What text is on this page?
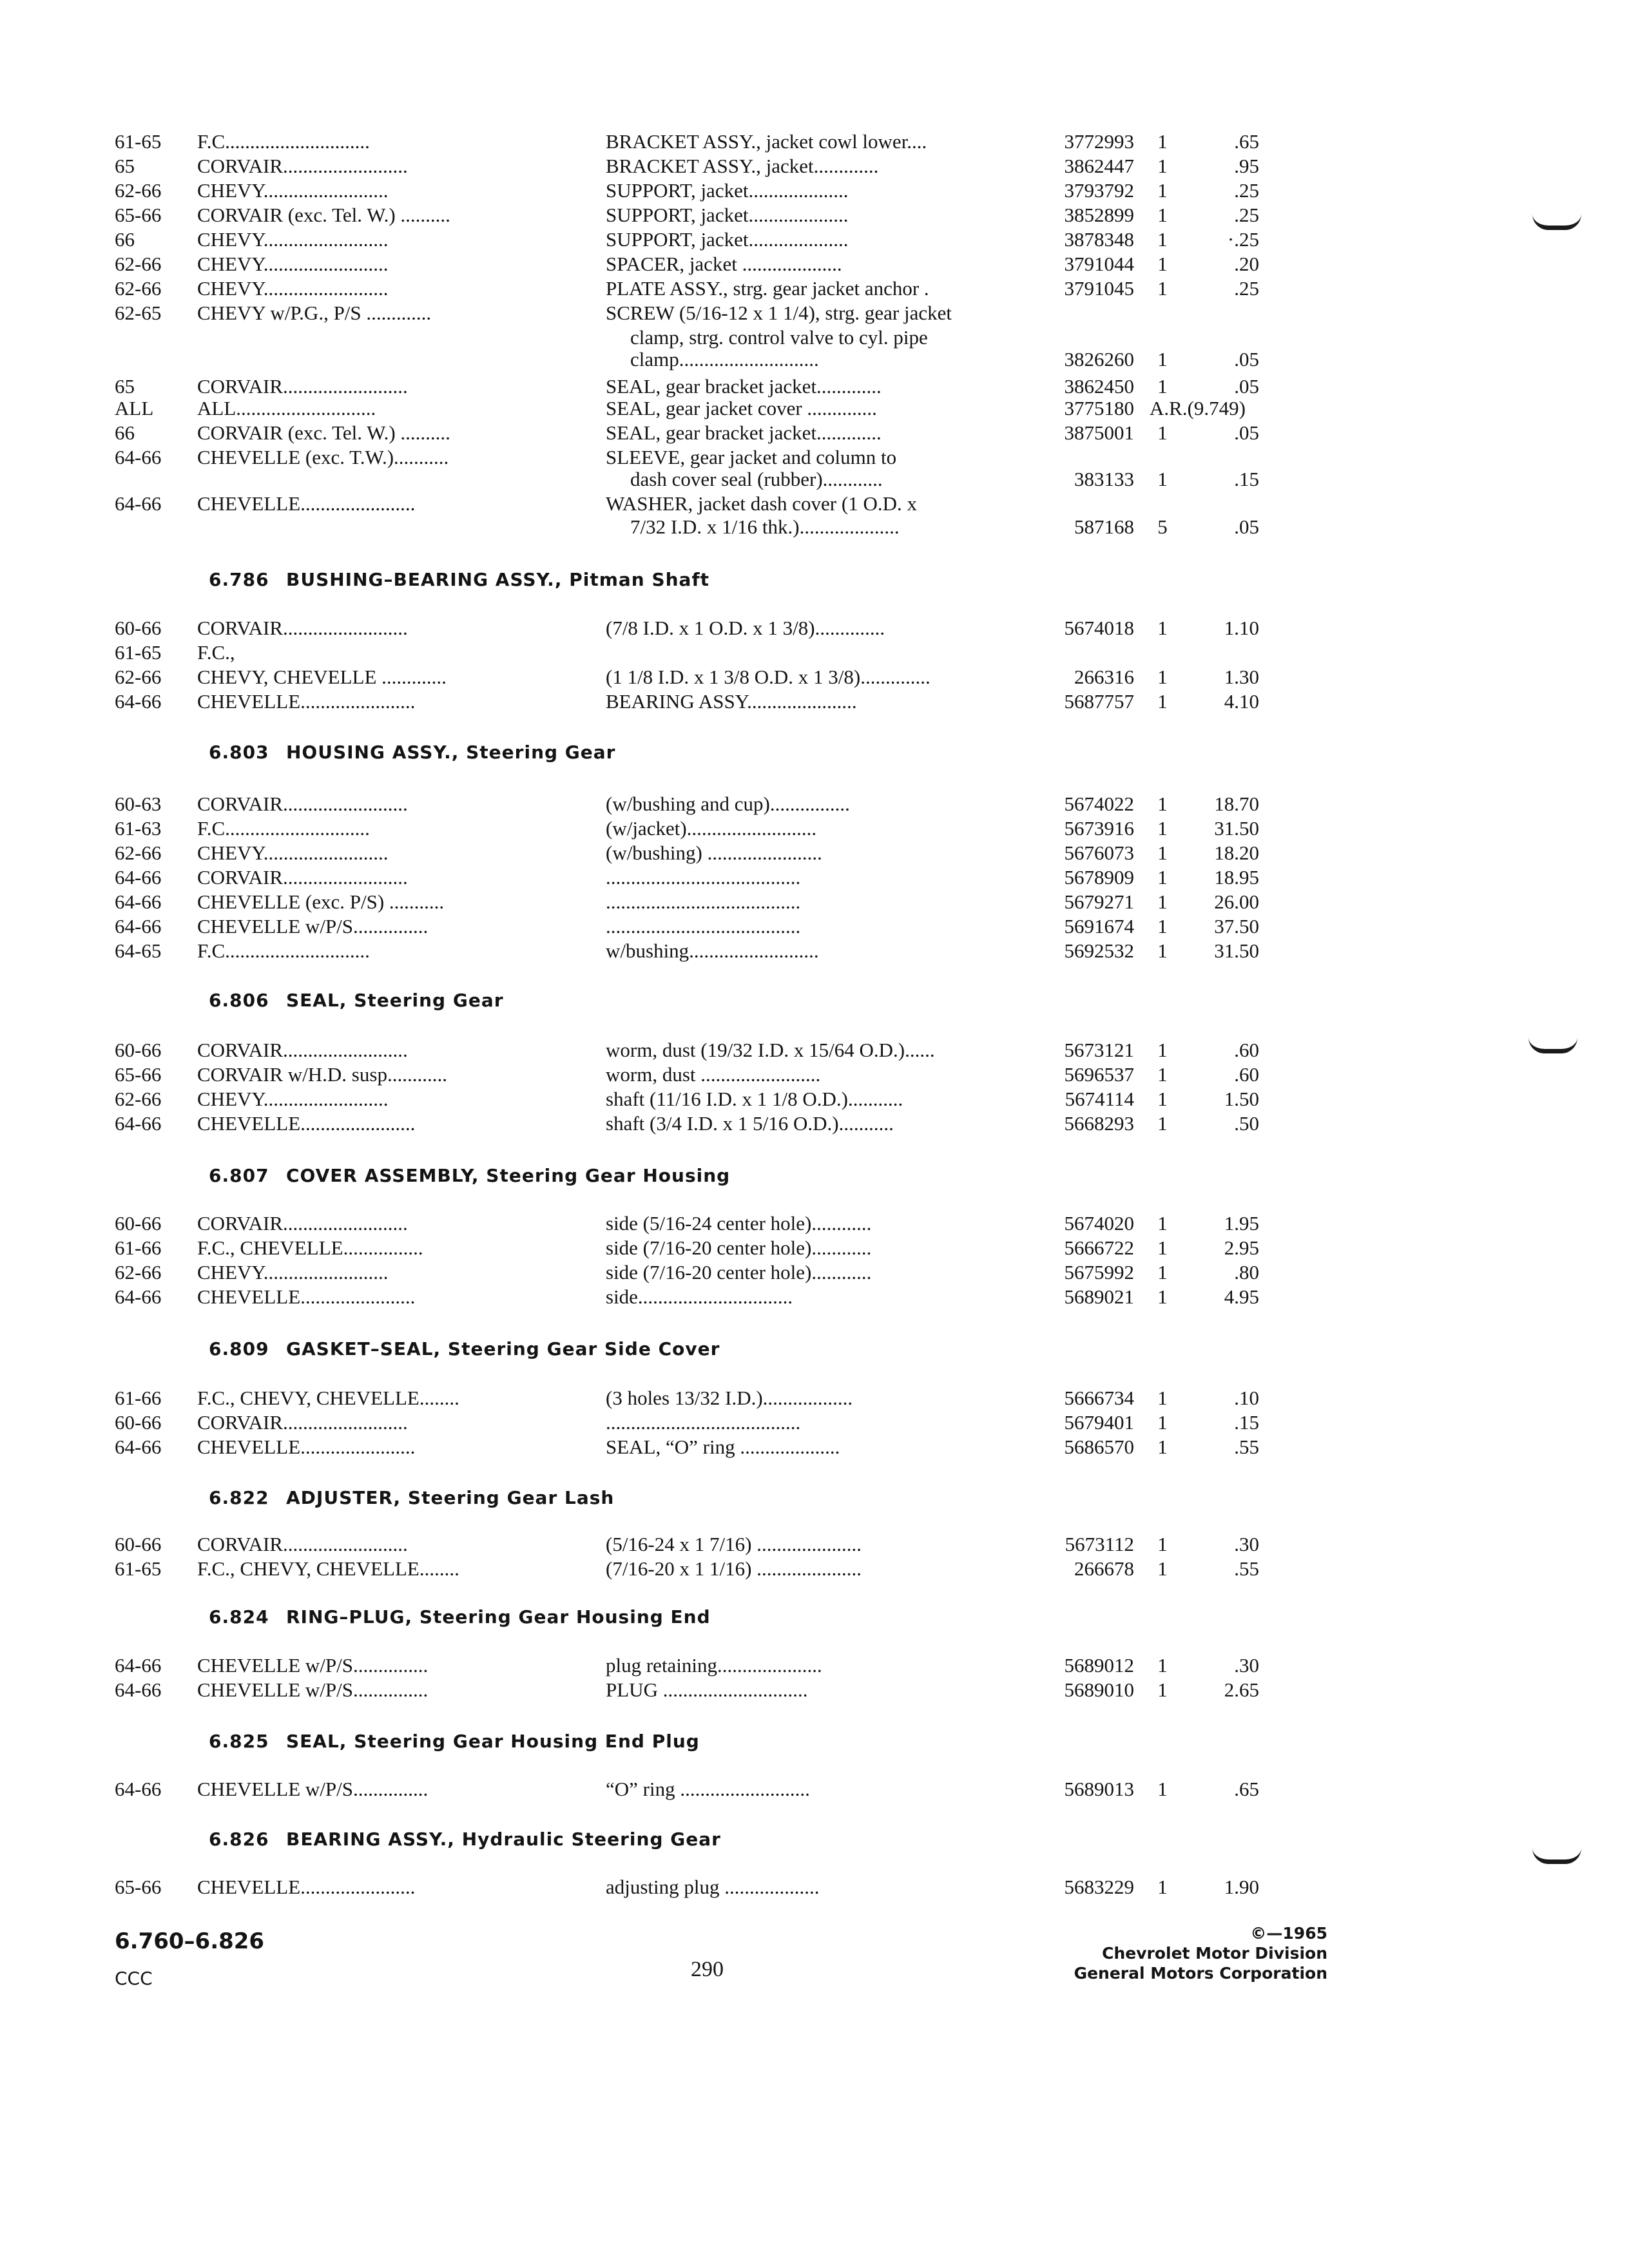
61-65	F.C.............................	BRACKET ASSY., jacket cowl lower....	3772993	1	.65
65	CORVAIR.........................	BRACKET ASSY., jacket.............	3862447	1	.95
62-66	CHEVY.........................	SUPPORT, jacket....................	3793792	1	.25
65-66	CORVAIR (exc. Tel. W.) ..........	SUPPORT, jacket....................	3852899	1	.25
66	CHEVY.........................	SUPPORT, jacket....................	3878348	1	·.25
62-66	CHEVY.........................	SPACER, jacket ....................	3791044	1	.20
62-66	CHEVY.........................	PLATE ASSY., strg. gear jacket anchor .	3791045	1	.25
62-65	CHEVY w/P.G., P/S .............	SCREW (5/16-12 x 1 1/4), strg. gear jacket
clamp, strg. control valve to cyl. pipe
clamp............................	3826260	1	.05
65	CORVAIR.........................	SEAL, gear bracket jacket.............	3862450	1	.05
ALL	ALL............................	SEAL, gear jacket cover ..............	3775180 A.R.(9.749)
66	CORVAIR (exc. Tel. W.) ..........	SEAL, gear bracket jacket.............	3875001	1	.05
64-66	CHEVELLE (exc. T.W.)...........	SLEEVE, gear jacket and column to
dash cover seal (rubber)............	383133	1	.15
64-66	CHEVELLE.......................	WASHER, jacket dash cover (1 O.D. x
7/32 I.D. x 1/16 thk.)....................	587168	5	.05
6.786 BUSHING–BEARING ASSY., Pitman Shaft
60-66	CORVAIR.........................	(7/8 I.D. x 1 O.D. x 1 3/8)..............	5674018	1	1.10
61-65	F.C.,
62-66	CHEVY, CHEVELLE .............	(1 1/8 I.D. x 1 3/8 O.D. x 1 3/8)..............	266316	1	1.30
64-66	CHEVELLE.......................	BEARING ASSY......................	5687757	1	4.10
6.803 HOUSING ASSY., Steering Gear
60-63	CORVAIR.........................	(w/bushing and cup)................	5674022	1	18.70
61-63	F.C.............................	(w/jacket)..........................	5673916	1	31.50
62-66	CHEVY.........................	(w/bushing) .......................	5676073	1	18.20
64-66	CORVAIR.........................	.......................................	5678909	1	18.95
64-66	CHEVELLE (exc. P/S) ...........	.......................................	5679271	1	26.00
64-66	CHEVELLE w/P/S...............	.......................................	5691674	1	37.50
64-65	F.C.............................	w/bushing..........................	5692532	1	31.50
6.806 SEAL, Steering Gear
60-66	CORVAIR.........................	worm, dust (19/32 I.D. x 15/64 O.D.)......	5673121	1	.60
65-66	CORVAIR w/H.D. susp............	worm, dust ........................	5696537	1	.60
62-66	CHEVY.........................	shaft (11/16 I.D. x 1 1/8 O.D.)...........	5674114	1	1.50
64-66	CHEVELLE.......................	shaft (3/4 I.D. x 1 5/16 O.D.)...........	5668293	1	.50
6.807 COVER ASSEMBLY, Steering Gear Housing
60-66	CORVAIR.........................	side (5/16-24 center hole)............	5674020	1	1.95
61-66	F.C., CHEVELLE................	side (7/16-20 center hole)............	5666722	1	2.95
62-66	CHEVY.........................	side (7/16-20 center hole)............	5675992	1	.80
64-66	CHEVELLE.......................	side...............................	5689021	1	4.95
6.809 GASKET–SEAL, Steering Gear Side Cover
61-66	F.C., CHEVY, CHEVELLE........	(3 holes 13/32 I.D.)..................	5666734	1	.10
60-66	CORVAIR.........................	.......................................	5679401	1	.15
64-66	CHEVELLE.......................	SEAL, “O” ring ....................	5686570	1	.55
6.822 ADJUSTER, Steering Gear Lash
60-66	CORVAIR.........................	(5/16-24 x 1 7/16) .....................	5673112	1	.30
61-65	F.C., CHEVY, CHEVELLE........	(7/16-20 x 1 1/16) .....................	266678	1	.55
6.824 RING–PLUG, Steering Gear Housing End
64-66	CHEVELLE w/P/S...............	plug retaining.....................	5689012	1	.30
64-66	CHEVELLE w/P/S...............	PLUG .............................	5689010	1	2.65
6.825 SEAL, Steering Gear Housing End Plug
64-66	CHEVELLE w/P/S...............	“O” ring ..........................	5689013	1	.65
6.826 BEARING ASSY., Hydraulic Steering Gear
65-66	CHEVELLE.......................	adjusting plug ...................	5683229	1	1.90
6.760–6.826
CCC	290
©—1965
Chevrolet Motor Division
General Motors Corporation
